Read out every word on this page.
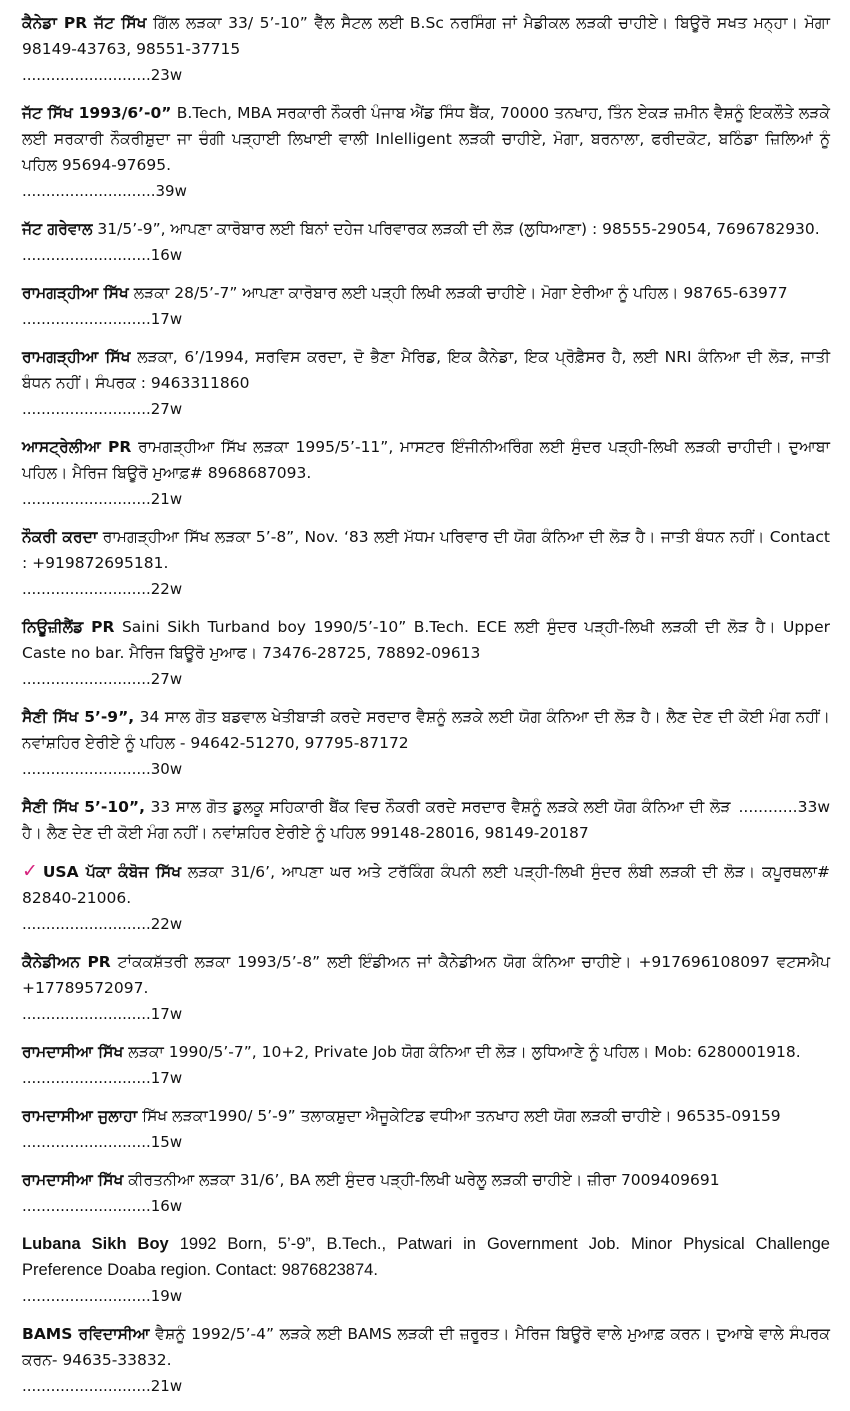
ਕੈਨੇਡਾ PR ਜੱਟ ਸਿੱਖ ਗਿੱਲ ਲੜਕਾ 33/ 5’-10” ਵੈੱਲ ਸੈਟਲ ਲਈ B.Sc ਨਰਸਿੰਗ ਜਾਂ ਮੈਡੀਕਲ ਲੜਕੀ ਚਾਹੀਏ। ਬਿਊਰੋ ਸਖਤ ਮਨ੍ਹਾ। ਮੋਗਾ 98149-43763, 98551-37715

...........................23w

ਜੱਟ ਸਿੱਖ 1993/6’-0” B.Tech, MBA ਸਰਕਾਰੀ ਨੌਕਰੀ ਪੰਜਾਬ ਐਂਡ ਸਿੰਧ ਬੈਂਕ, 70000 ਤਨਖਾਹ, ਤਿੰਨ ਏਕੜ ਜ਼ਮੀਨ ਵੈਸ਼ਨੂੰ ਇਕਲੌਤੇ ਲੜਕੇ ਲਈ ਸਰਕਾਰੀ ਨੌਕਰੀਸ਼ੁਦਾ ਜਾ ਚੰਗੀ ਪੜ੍ਹਾਈ ਲਿਖਾਈ ਵਾਲੀ Inlelligent ਲੜਕੀ ਚਾਹੀਏ, ਮੋਗਾ, ਬਰਨਾਲਾ, ਫਰੀਦਕੋਟ, ਬਠਿੰਡਾ ਜ਼ਿਲਿਆਂ ਨੂੰ ਪਹਿਲ 95694-97695.

............................39w

ਜੱਟ ਗਰੇਵਾਲ 31/5’-9”, ਆਪਣਾ ਕਾਰੋਬਾਰ ਲਈ ਬਿਨਾਂ ਦਹੇਜ ਪਰਿਵਾਰਕ ਲੜਕੀ ਦੀ ਲੋੜ (ਲੁਧਿਆਣਾ) : 98555-29054, 7696782930.

...........................16w

ਰਾਮਗੜ੍ਹੀਆ ਸਿੱਖ ਲੜਕਾ 28/5’-7” ਆਪਣਾ ਕਾਰੋਬਾਰ ਲਈ ਪੜ੍ਹੀ ਲਿਖੀ ਲੜਕੀ ਚਾਹੀਏ। ਮੋਗਾ ਏਰੀਆ ਨੂੰ ਪਹਿਲ। 98765-63977

...........................17w

ਰਾਮਗੜ੍ਹੀਆ ਸਿੱਖ ਲੜਕਾ, 6’/1994, ਸਰਵਿਸ ਕਰਦਾ, ਦੋ ਭੈਣਾ ਮੈਰਿਡ, ਇਕ ਕੈਨੇਡਾ, ਇਕ ਪ੍ਰੋਫ਼ੈਸਰ ਹੈ, ਲਈ NRI ਕੰਨਿਆ ਦੀ ਲੋੜ, ਜਾਤੀ ਬੰਧਨ ਨਹੀਂ। ਸੰਪਰਕ : 9463311860

...........................27w

ਆਸਟ੍ਰੇਲੀਆ PR ਰਾਮਗੜ੍ਹੀਆ ਸਿੱਖ ਲੜਕਾ 1995/5’-11”, ਮਾਸਟਰ ਇੰਜੀਨੀਅਰਿੰਗ ਲਈ ਸੁੰਦਰ ਪੜ੍ਹੀ-ਲਿਖੀ ਲੜਕੀ ਚਾਹੀਦੀ। ਦੁਆਬਾ ਪਹਿਲ। ਮੈਰਿਜ ਬਿਊਰੋ ਮੁਆਫ਼# 8968687093.

...........................21w

ਨੌਕਰੀ ਕਰਦਾ ਰਾਮਗੜ੍ਹੀਆ ਸਿੱਖ ਲੜਕਾ 5’-8”, Nov. ‘83 ਲਈ ਮੱਧਮ ਪਰਿਵਾਰ ਦੀ ਯੋਗ ਕੰਨਿਆ ਦੀ ਲੋੜ ਹੈ। ਜਾਤੀ ਬੰਧਨ ਨਹੀਂ। Contact : +919872695181.

...........................22w

ਨਿਊਜ਼ੀਲੈਂਡ PR Saini Sikh Turband boy 1990/5’-10” B.Tech. ECE ਲਈ ਸੁੰਦਰ ਪੜ੍ਹੀ-ਲਿਖੀ ਲੜਕੀ ਦੀ ਲੋੜ ਹੈ। Upper Caste no bar. ਮੈਰਿਜ ਬਿਊਰੋ ਮੁਆਫ। 73476-28725, 78892-09613

...........................27w

ਸੈਣੀ ਸਿੱਖ 5’-9”, 34 ਸਾਲ ਗੋਤ ਬਡਵਾਲ ਖੇਤੀਬਾੜੀ ਕਰਦੇ ਸਰਦਾਰ ਵੈਸ਼ਨੂੰ ਲੜਕੇ ਲਈ ਯੋਗ ਕੰਨਿਆ ਦੀ ਲੋੜ ਹੈ। ਲੈਣ ਦੇਣ ਦੀ ਕੋਈ ਮੰਗ ਨਹੀਂ। ਨਵਾਂਸ਼ਹਿਰ ਏਰੀਏ ਨੂੰ ਪਹਿਲ - 94642-51270, 97795-87172

...........................30w

............33w
ਸੈਣੀ ਸਿੱਖ 5’-10”, 33 ਸਾਲ ਗੋਤ ਡੁਲਕੂ ਸਹਿਕਾਰੀ ਬੈਂਕ ਵਿਚ ਨੌਕਰੀ ਕਰਦੇ ਸਰਦਾਰ ਵੈਸ਼ਨੂੰ ਲੜਕੇ ਲਈ ਯੋਗ ਕੰਨਿਆ ਦੀ ਲੋੜ ਹੈ। ਲੈਣ ਦੇਣ ਦੀ ਕੋਈ ਮੰਗ ਨਹੀਂ। ਨਵਾਂਸ਼ਹਿਰ ਏਰੀਏ ਨੂੰ ਪਹਿਲ 99148-28016, 98149-20187

✓ USA ਪੱਕਾ ਕੰਬੋਜ ਸਿੱਖ ਲੜਕਾ 31/6’, ਆਪਣਾ ਘਰ ਅਤੇ ਟਰੱਕਿੰਗ ਕੰਪਨੀ ਲਈ ਪੜ੍ਹੀ-ਲਿਖੀ ਸੁੰਦਰ ਲੰਬੀ ਲੜਕੀ ਦੀ ਲੋੜ। ਕਪੂਰਥਲਾ# 82840-21006.

...........................22w

ਕੈਨੇਡੀਅਨ PR ਟਾਂਕਕਸ਼ੱਤਰੀ ਲੜਕਾ 1993/5’-8” ਲਈ ਇੰਡੀਅਨ ਜਾਂ ਕੈਨੇਡੀਅਨ ਯੋਗ ਕੰਨਿਆ ਚਾਹੀਏ। +917696108097 ਵਟਸਐਪ +17789572097.

...........................17w

ਰਾਮਦਾਸੀਆ ਸਿੱਖ ਲੜਕਾ 1990/5’-7”, 10+2, Private Job ਯੋਗ ਕੰਨਿਆ ਦੀ ਲੋੜ। ਲੁਧਿਆਣੇ ਨੂੰ ਪਹਿਲ। Mob: 6280001918.

...........................17w

ਰਾਮਦਾਸੀਆ ਜੁਲਾਹਾ ਸਿੱਖ ਲੜਕਾ1990/ 5’-9” ਤਲਾਕਸ਼ੁਦਾ ਐਜੂਕੇਟਿਡ ਵਧੀਆ ਤਨਖਾਹ ਲਈ ਯੋਗ ਲੜਕੀ ਚਾਹੀਏ। 96535-09159

...........................15w

ਰਾਮਦਾਸੀਆ ਸਿੱਖ ਕੀਰਤਨੀਆ ਲੜਕਾ 31/6’, BA ਲਈ ਸੁੰਦਰ ਪੜ੍ਹੀ-ਲਿਖੀ ਘਰੇਲੂ ਲੜਕੀ ਚਾਹੀਏ। ਜ਼ੀਰਾ 7009409691

...........................16w

Lubana Sikh Boy 1992 Born, 5’-9”, B.Tech., Patwari in Government Job. Minor Physical Challenge Preference Doaba region. Contact: 9876823874.

...........................19w

BAMS ਰਵਿਦਾਸੀਆ ਵੈਸ਼ਨੂੰ 1992/5’-4” ਲੜਕੇ ਲਈ BAMS ਲੜਕੀ ਦੀ ਜ਼ਰੂਰਤ। ਮੈਰਿਜ ਬਿਊਰੋ ਵਾਲੇ ਮੁਆਫ਼ ਕਰਨ। ਦੁਆਬੇ ਵਾਲੇ ਸੰਪਰਕ ਕਰਨ- 94635-33832.

...........................21w
